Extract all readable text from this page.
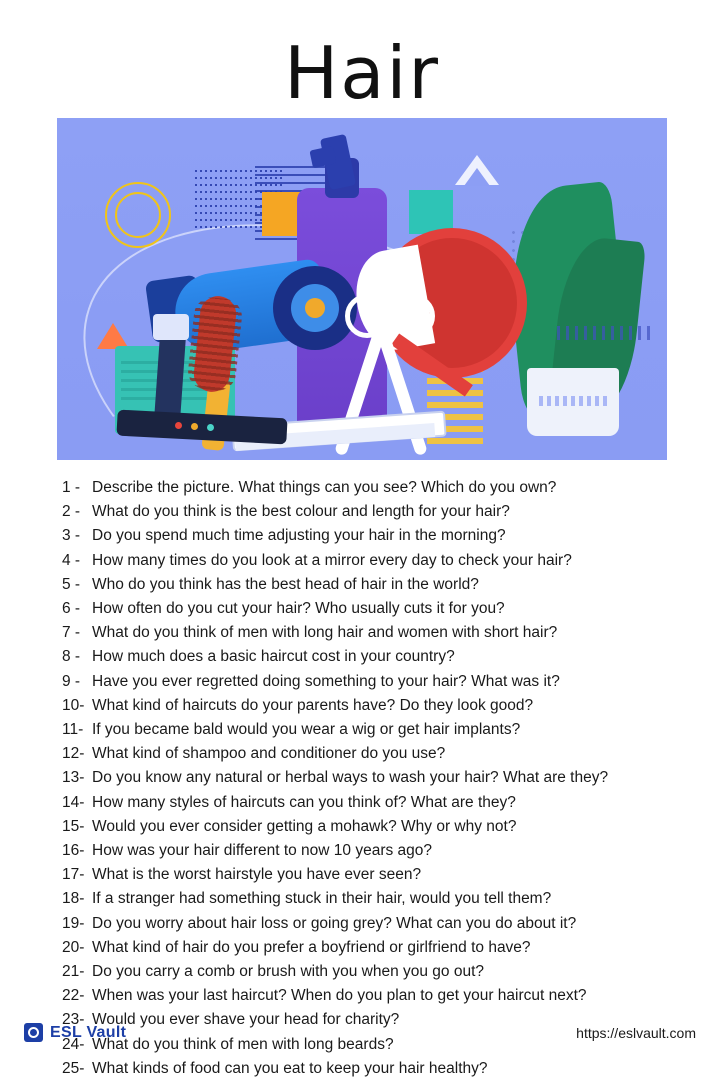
Hair
1 - Describe the picture. What things can you see? Which do you own?
2 - What do you think is the best colour and length for your hair?
3 - Do you spend much time adjusting your hair in the morning?
4 - How many times do you look at a mirror every day to check your hair?
5 - Who do you think has the best head of hair in the world?
6 - How often do you cut your hair? Who usually cuts it for you?
7 - What do you think of men with long hair and women with short hair?
8 - How much does a basic haircut cost in your country?
9 - Have you ever regretted doing something to your hair? What was it?
10- What kind of haircuts do your parents have? Do they look good?
11- If you became bald would you wear a wig or get hair implants?
12- What kind of shampoo and conditioner do you use?
13- Do you know any natural or herbal ways to wash your hair? What are they?
14- How many styles of haircuts can you think of? What are they?
15- Would you ever consider getting a mohawk? Why or why not?
16- How was your hair different to now 10 years ago?
17- What is the worst hairstyle you have ever seen?
18- If a stranger had something stuck in their hair, would you tell them?
19- Do you worry about hair loss or going grey? What can you do about it?
20- What kind of hair do you prefer a boyfriend or girlfriend to have?
21- Do you carry a comb or brush with you when you go out?
22- When was your last haircut? When do you plan to get your haircut next?
23- Would you ever shave your head for charity?
24- What do you think of men with long beards?
25- What kinds of food can you eat to keep your hair healthy?
ESL Vault	https://eslvault.com
